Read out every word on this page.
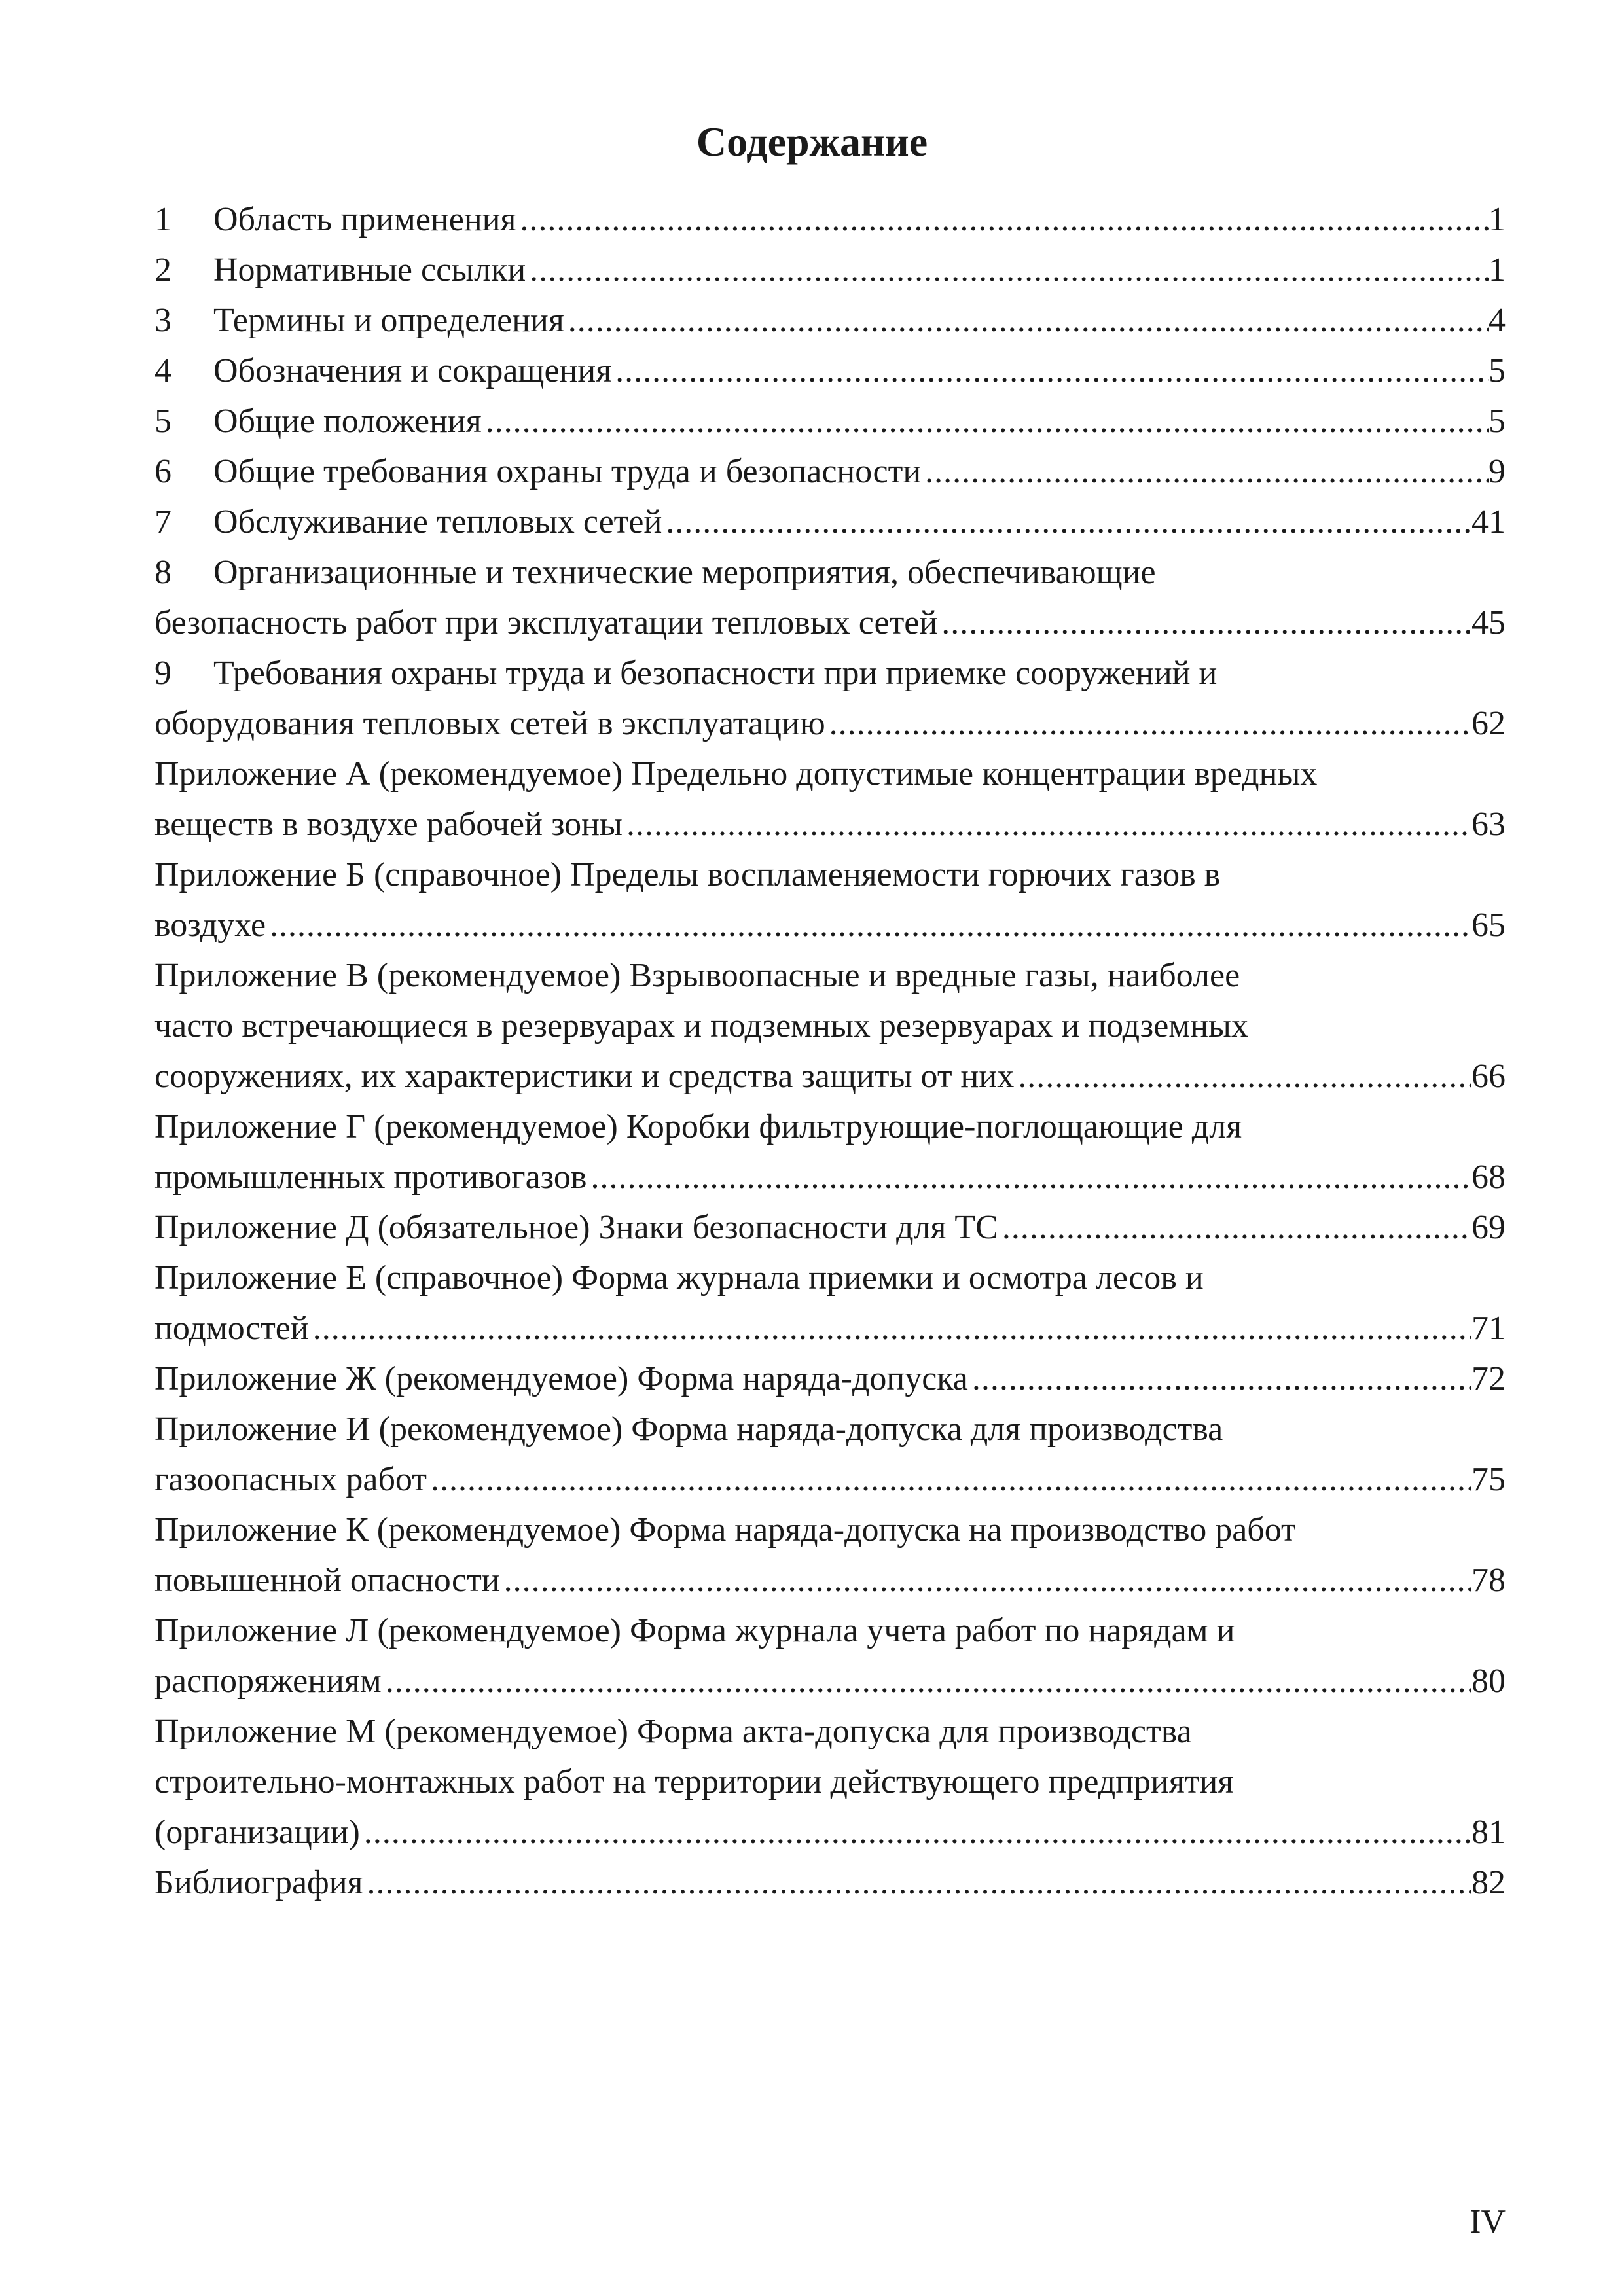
Содержание
1 Область применения .....	1
2 Нормативные ссылки .....	1
3 Термины и определения .....	4
4 Обозначения и сокращения .....	5
5 Общие положения .....	5
6 Общие требования охраны труда и безопасности .....	9
7 Обслуживание тепловых сетей .....	41
8 Организационные и технические мероприятия, обеспечивающие
безопасность работ при эксплуатации тепловых сетей .....	45
9 Требования охраны труда и безопасности при приемке сооружений и
оборудования тепловых сетей в эксплуатацию .....	62
Приложение А (рекомендуемое) Предельно допустимые концентрации вредных
веществ в воздухе рабочей зоны .....	63
Приложение Б (справочное) Пределы воспламеняемости горючих газов в
воздухе .....	65
Приложение В (рекомендуемое) Взрывоопасные и вредные газы, наиболее
часто встречающиеся в резервуарах и подземных резервуарах и подземных
сооружениях, их характеристики и средства защиты от них .....	66
Приложение Г (рекомендуемое) Коробки фильтрующие-поглощающие для
промышленных противогазов .....	68
Приложение Д (обязательное) Знаки безопасности для ТС .....	69
Приложение Е (справочное) Форма журнала приемки и осмотра лесов и
подмостей .....	71
Приложение Ж (рекомендуемое) Форма наряда-допуска .....	72
Приложение И (рекомендуемое) Форма наряда-допуска для производства
газоопасных работ .....	75
Приложение К (рекомендуемое) Форма наряда-допуска на производство работ
повышенной опасности .....	78
Приложение Л (рекомендуемое) Форма журнала учета работ по нарядам и
распоряжениям .....	80
Приложение М (рекомендуемое) Форма акта-допуска для производства
строительно-монтажных работ на территории действующего предприятия
(организации) .....	81
Библиография .....	82
IV
